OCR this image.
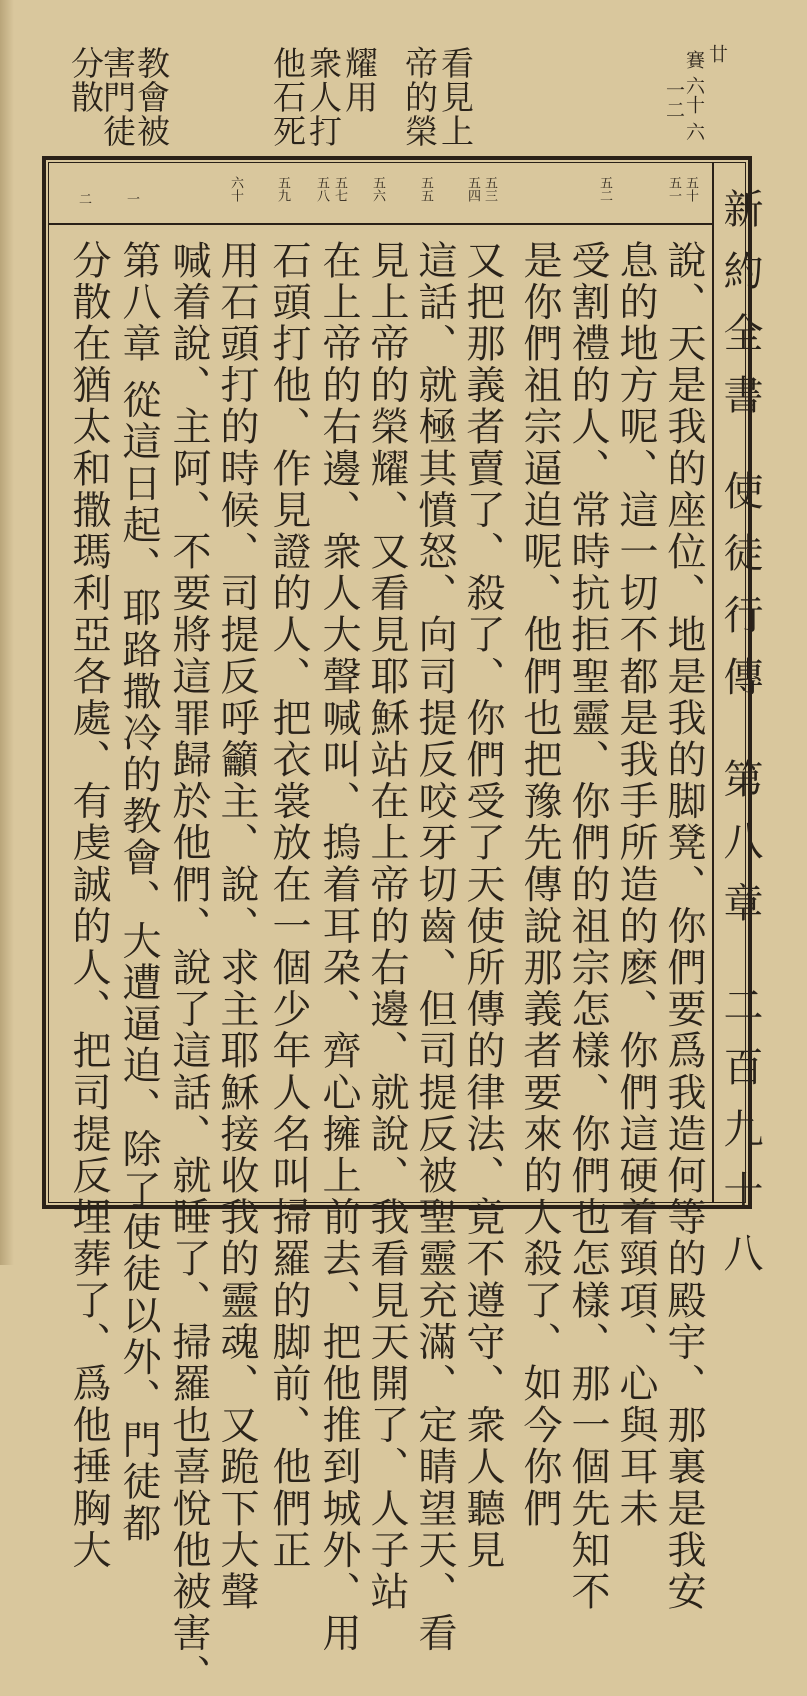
分散
害門徒
教會被	他石死
衆人打
耀用 帝的榮
看見上	廿
賽
六十
六
一
二
五十
五一
五二
五三
五四
五五
五六
五七
五八
五九
六十
一
二	新約全書使徒行傳第八章二百九十八
說、天是我的座位、地是我的脚凳、你們要爲我造何等的殿宇、那裏是我安
息的地方呢、這一切不都是我手所造的麽、你們這硬着頸項、心與耳未
受割禮的人、常時抗拒聖靈、你們的祖宗怎樣、你們也怎樣、那一個先知不
是你們祖宗逼迫呢、他們也把豫先傳說那義者要來的人殺了、如今你們
又把那義者賣了、殺了、你們受了天使所傳的律法、竟不遵守、衆人聽見
這話、就極其憤怒、向司提反咬牙切齒、但司提反被聖靈充滿、定睛望天、看
見上帝的榮耀、又看見耶穌站在上帝的右邊、就說、我看見天開了、人子站
在上帝的右邊、衆人大聲喊叫、摀着耳朶、齊心擁上前去、把他推到城外、用
石頭打他、作見證的人、把衣裳放在一個少年人名叫掃羅的脚前、他們正
用石頭打的時候、司提反呼籲主、說、求主耶穌接收我的靈魂、又跪下大聲
喊着說、主阿、不要將這罪歸於他們、說了這話、就睡了、掃羅也喜悅他被害、
第八章 從這日起、耶路撒冷的教會、大遭逼迫、除了使徒以外、門徒都
分散在猶太和撒瑪利亞各處、有虔誠的人、把司提反埋葬了、爲他捶胸大
